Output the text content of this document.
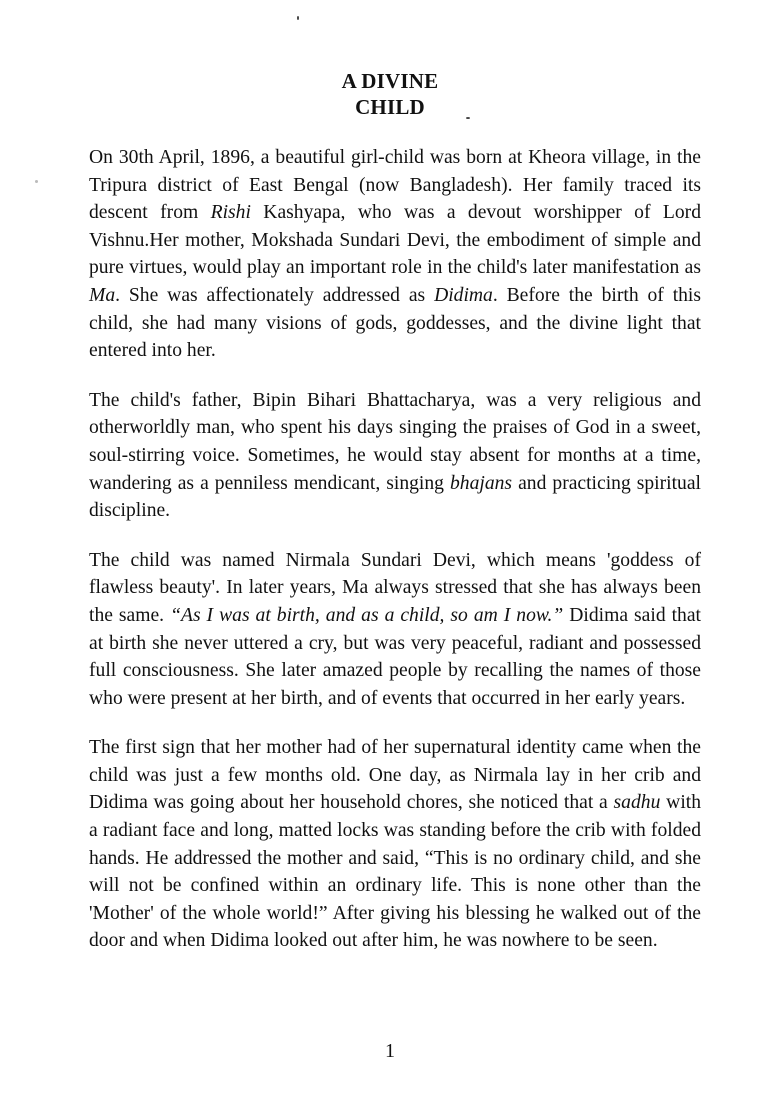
A DIVINE
CHILD

On 30th April, 1896, a beautiful girl-child was born at Kheora village, in the Tripura district of East Bengal (now Bangladesh). Her family traced its descent from Rishi Kashyapa, who was a devout worshipper of Lord Vishnu.Her mother, Mokshada Sundari Devi, the embodiment of simple and pure virtues, would play an important role in the child's later manifestation as Ma. She was affectionately addressed as Didima. Before the birth of this child, she had many visions of gods, goddesses, and the divine light that entered into her.

The child's father, Bipin Bihari Bhattacharya, was a very religious and otherworldly man, who spent his days singing the praises of God in a sweet, soul-stirring voice. Sometimes, he would stay absent for months at a time, wandering as a penniless mendicant, singing bhajans and practicing spiritual discipline.

The child was named Nirmala Sundari Devi, which means 'goddess of flawless beauty'. In later years, Ma always stressed that she has always been the same. “As I was at birth, and as a child, so am I now.” Didima said that at birth she never uttered a cry, but was very peaceful, radiant and possessed full consciousness. She later amazed people by recalling the names of those who were present at her birth, and of events that occurred in her early years.

The first sign that her mother had of her supernatural identity came when the child was just a few months old. One day, as Nirmala lay in her crib and Didima was going about her household chores, she noticed that a sadhu with a radiant face and long, matted locks was standing before the crib with folded hands. He addressed the mother and said, “This is no ordinary child, and she will not be confined within an ordinary life. This is none other than the 'Mother' of the whole world!” After giving his blessing he walked out of the door and when Didima looked out after him, he was nowhere to be seen.

1
